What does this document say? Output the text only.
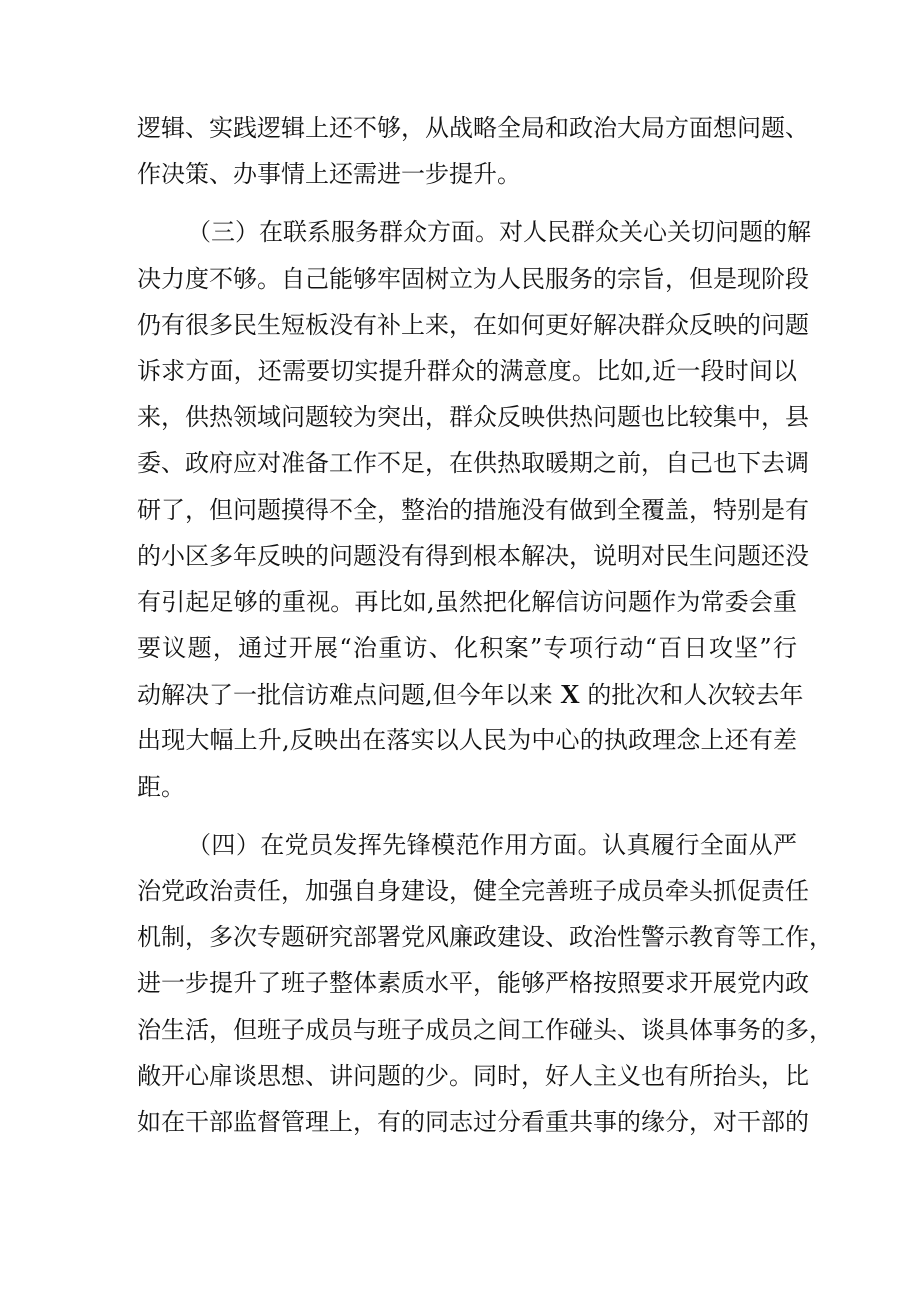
逻辑、实践逻辑上还不够，从战略全局和政治大局方面想问题、
作决策、办事情上还需进一步提升。
（三）在联系服务群众方面。对人民群众关心关切问题的解
决力度不够。自己能够牢固树立为人民服务的宗旨，但是现阶段
仍有很多民生短板没有补上来，在如何更好解决群众反映的问题
诉求方面，还需要切实提升群众的满意度。比如,近一段时间以
来，供热领域问题较为突出，群众反映供热问题也比较集中，县
委、政府应对准备工作不足，在供热取暖期之前，自己也下去调
研了，但问题摸得不全，整治的措施没有做到全覆盖，特别是有
的小区多年反映的问题没有得到根本解决，说明对民生问题还没
有引起足够的重视。再比如,虽然把化解信访问题作为常委会重
要议题，通过开展“治重访、化积案”专项行动“百日攻坚”行
动解决了一批信访难点问题,但今年以来 X 的批次和人次较去年
出现大幅上升,反映出在落实以人民为中心的执政理念上还有差
距。
（四）在党员发挥先锋模范作用方面。认真履行全面从严
治党政治责任，加强自身建设，健全完善班子成员牵头抓促责任
机制，多次专题研究部署党风廉政建设、政治性警示教育等工作，
进一步提升了班子整体素质水平，能够严格按照要求开展党内政
治生活，但班子成员与班子成员之间工作碰头、谈具体事务的多，
敞开心扉谈思想、讲问题的少。同时，好人主义也有所抬头，比
如在干部监督管理上，有的同志过分看重共事的缘分，对干部的
